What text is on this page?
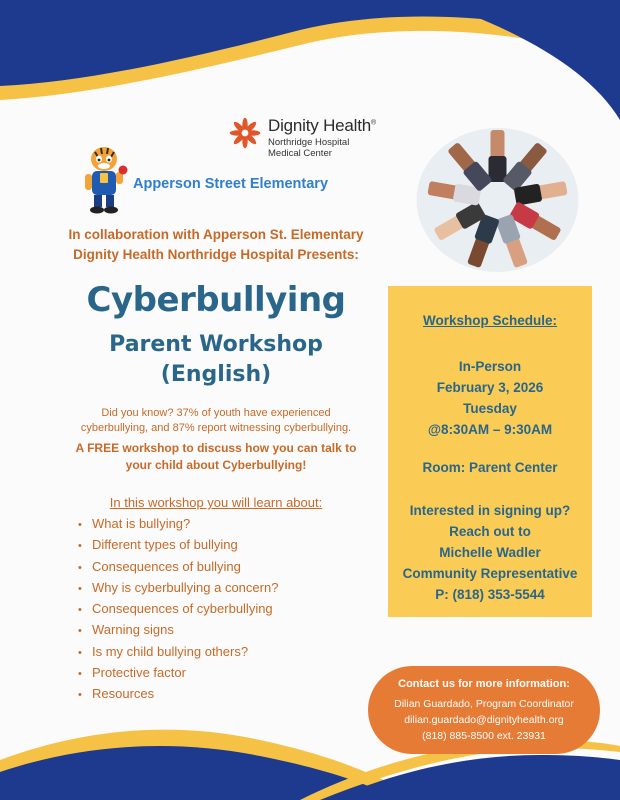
Dignity Health®
Northridge Hospital
Medical Center
Apperson Street Elementary
In collaboration with Apperson St. Elementary
Dignity Health Northridge Hospital Presents:
Cyberbullying
Parent Workshop
(English)
Did you know? 37% of youth have experienced
cyberbullying, and 87% report witnessing cyberbullying.
A FREE workshop to discuss how you can talk to
your child about Cyberbullying!
In this workshop you will learn about:
• What is bullying?
• Different types of bullying
• Consequences of bullying
• Why is cyberbullying a concern?
• Consequences of cyberbullying
• Warning signs
• Is my child bullying others?
• Protective factor
• Resources
Workshop Schedule:
In-Person
February 3, 2026
Tuesday
@8:30AM – 9:30AM
Room: Parent Center
Interested in signing up?
Reach out to
Michelle Wadler
Community Representative
P: (818) 353-5544
Contact us for more information:
Dilian Guardado, Program Coordinator
dilian.guardado@dignityhealth.org
(818) 885-8500 ext. 23931
